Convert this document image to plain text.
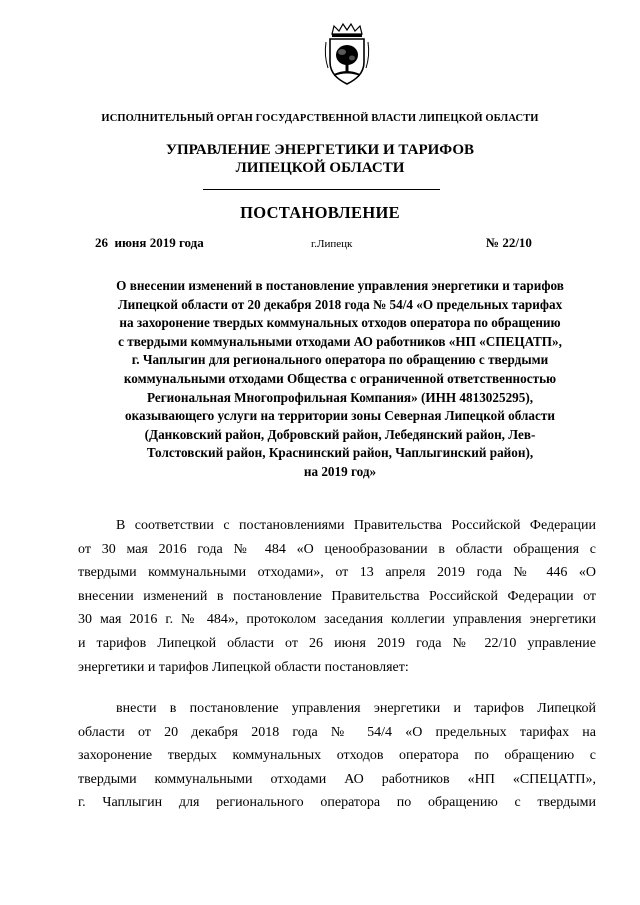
ИСПОЛНИТЕЛЬНЫЙ ОРГАН ГОСУДАРСТВЕННОЙ ВЛАСТИ ЛИПЕЦКОЙ ОБЛАСТИ
УПРАВЛЕНИЕ ЭНЕРГЕТИКИ И ТАРИФОВ
ЛИПЕЦКОЙ ОБЛАСТИ
ПОСТАНОВЛЕНИЕ
26  июня 2019 года	г.Липецк	№ 22/10
О внесении изменений в постановление управления энергетики и тарифов
Липецкой области от 20 декабря 2018 года № 54/4 «О предельных тарифах
на захоронение твердых коммунальных отходов оператора по обращению
с твердыми коммунальными отходами АО работников «НП «СПЕЦАТП»,
г. Чаплыгин для регионального оператора по обращению с твердыми
коммунальными отходами Общества с ограниченной ответственностью
Региональная Многопрофильная Компания» (ИНН 4813025295),
оказывающего услуги на территории зоны Северная Липецкой области
(Данковский район, Добровский район, Лебедянский район, Лев-
Толстовский район, Краснинский район, Чаплыгинский район),
на 2019 год»
В соответствии с постановлениями Правительства Российской Федерации
от 30 мая 2016 года № 484 «О ценообразовании в области обращения с
твердыми коммунальными отходами», от 13 апреля 2019 года № 446 «О
внесении изменений в постановление Правительства Российской Федерации от
30 мая 2016 г. № 484», протоколом заседания коллегии управления энергетики
и тарифов Липецкой области от 26 июня 2019 года № 22/10 управление
энергетики и тарифов Липецкой области постановляет:
внести в постановление управления энергетики и тарифов Липецкой
области от 20 декабря 2018 года № 54/4 «О предельных тарифах на
захоронение твердых коммунальных отходов оператора по обращению с
твердыми коммунальными отходами АО работников «НП «СПЕЦАТП»,
г. Чаплыгин для регионального оператора по обращению с твердыми
